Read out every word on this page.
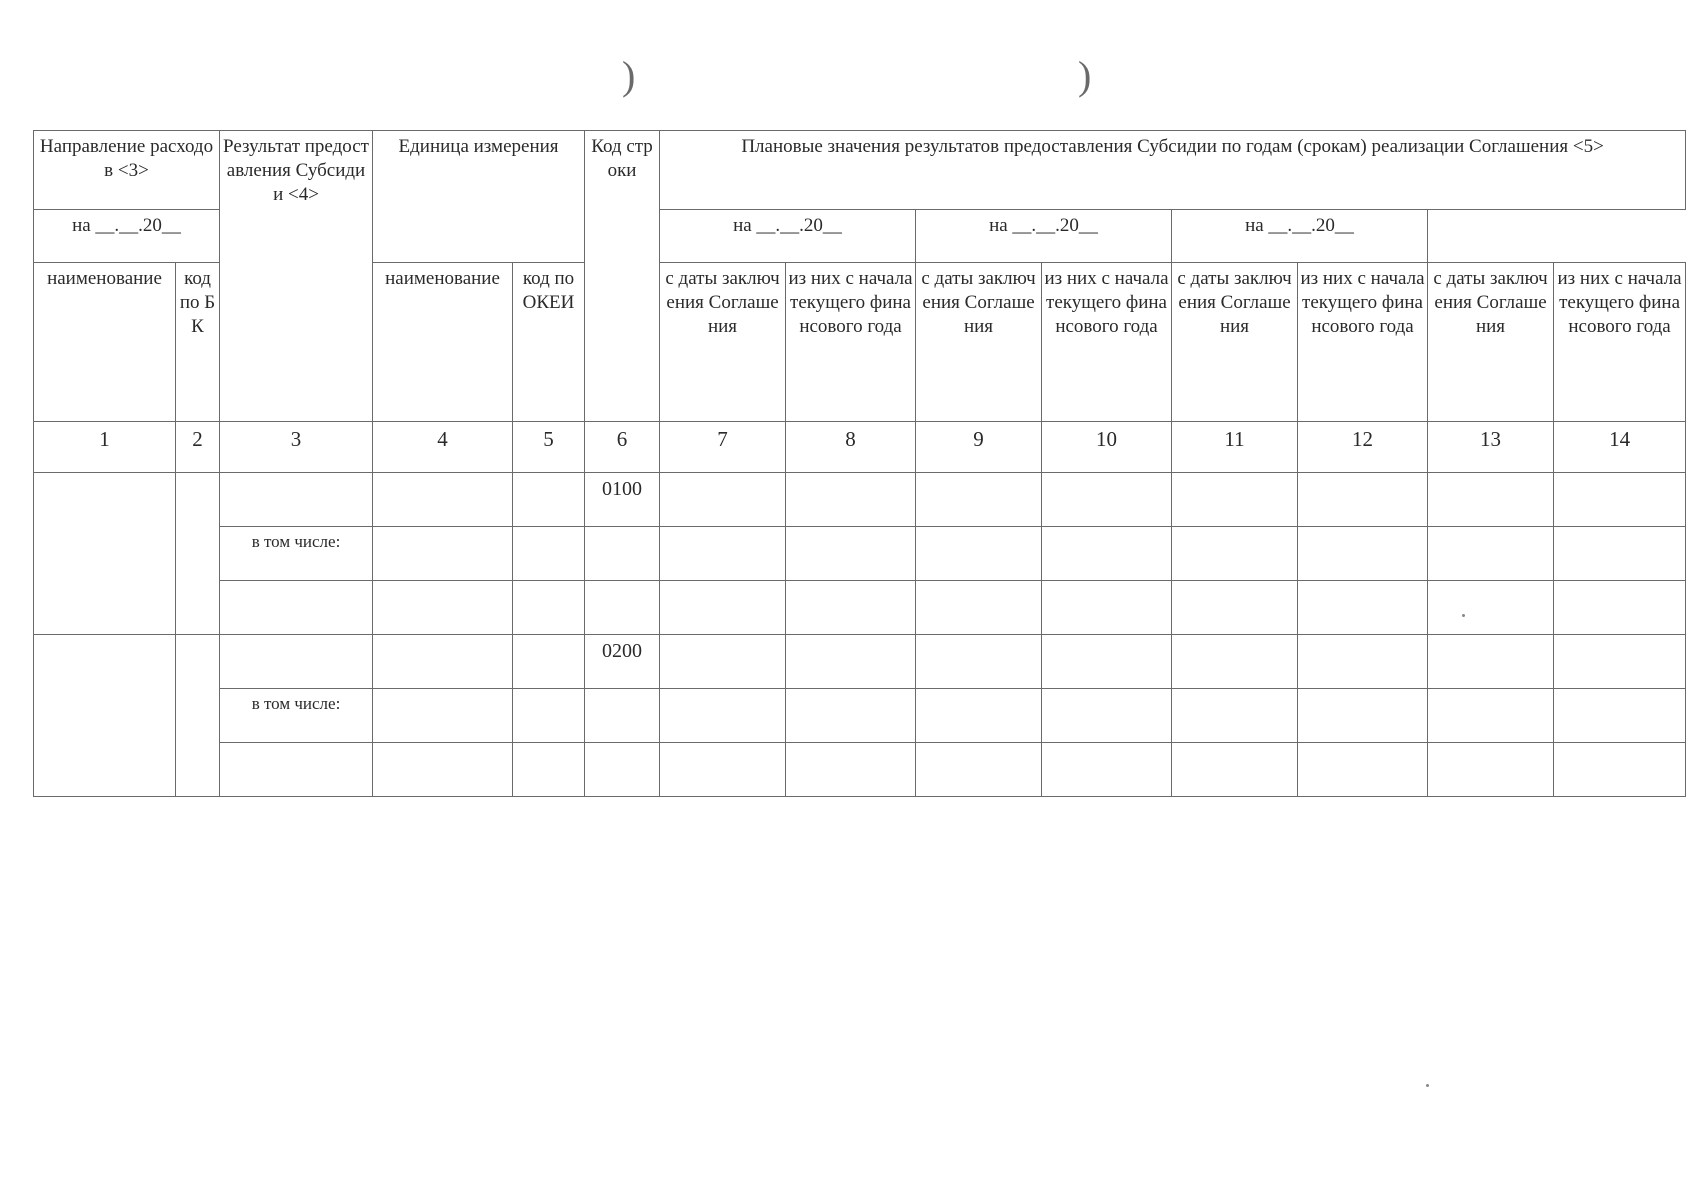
)	)
Направление расходов <3>		Результат предоставления Субсидии <4>	Единица измерения		Код строки	Плановые значения результатов предоставления Субсидии по годам (срокам) реализации Соглашения <5>							
на __.__.20__						на __.__.20__		на __.__.20__		на __.__.20__			
наименование	код по БК		наименование	код по ОКЕИ		с даты заключения Соглашения	из них с начала текущего финансового года	с даты заключения Соглашения	из них с начала текущего финансового года	с даты заключения Соглашения	из них с начала текущего финансового года	с даты заключения Соглашения	из них с начала текущего финансового года
1	2	3	4	5	6	7	8	9	10	11	12	13	14
					0100								
		в том числе:											

					0200								
		в том числе:											
